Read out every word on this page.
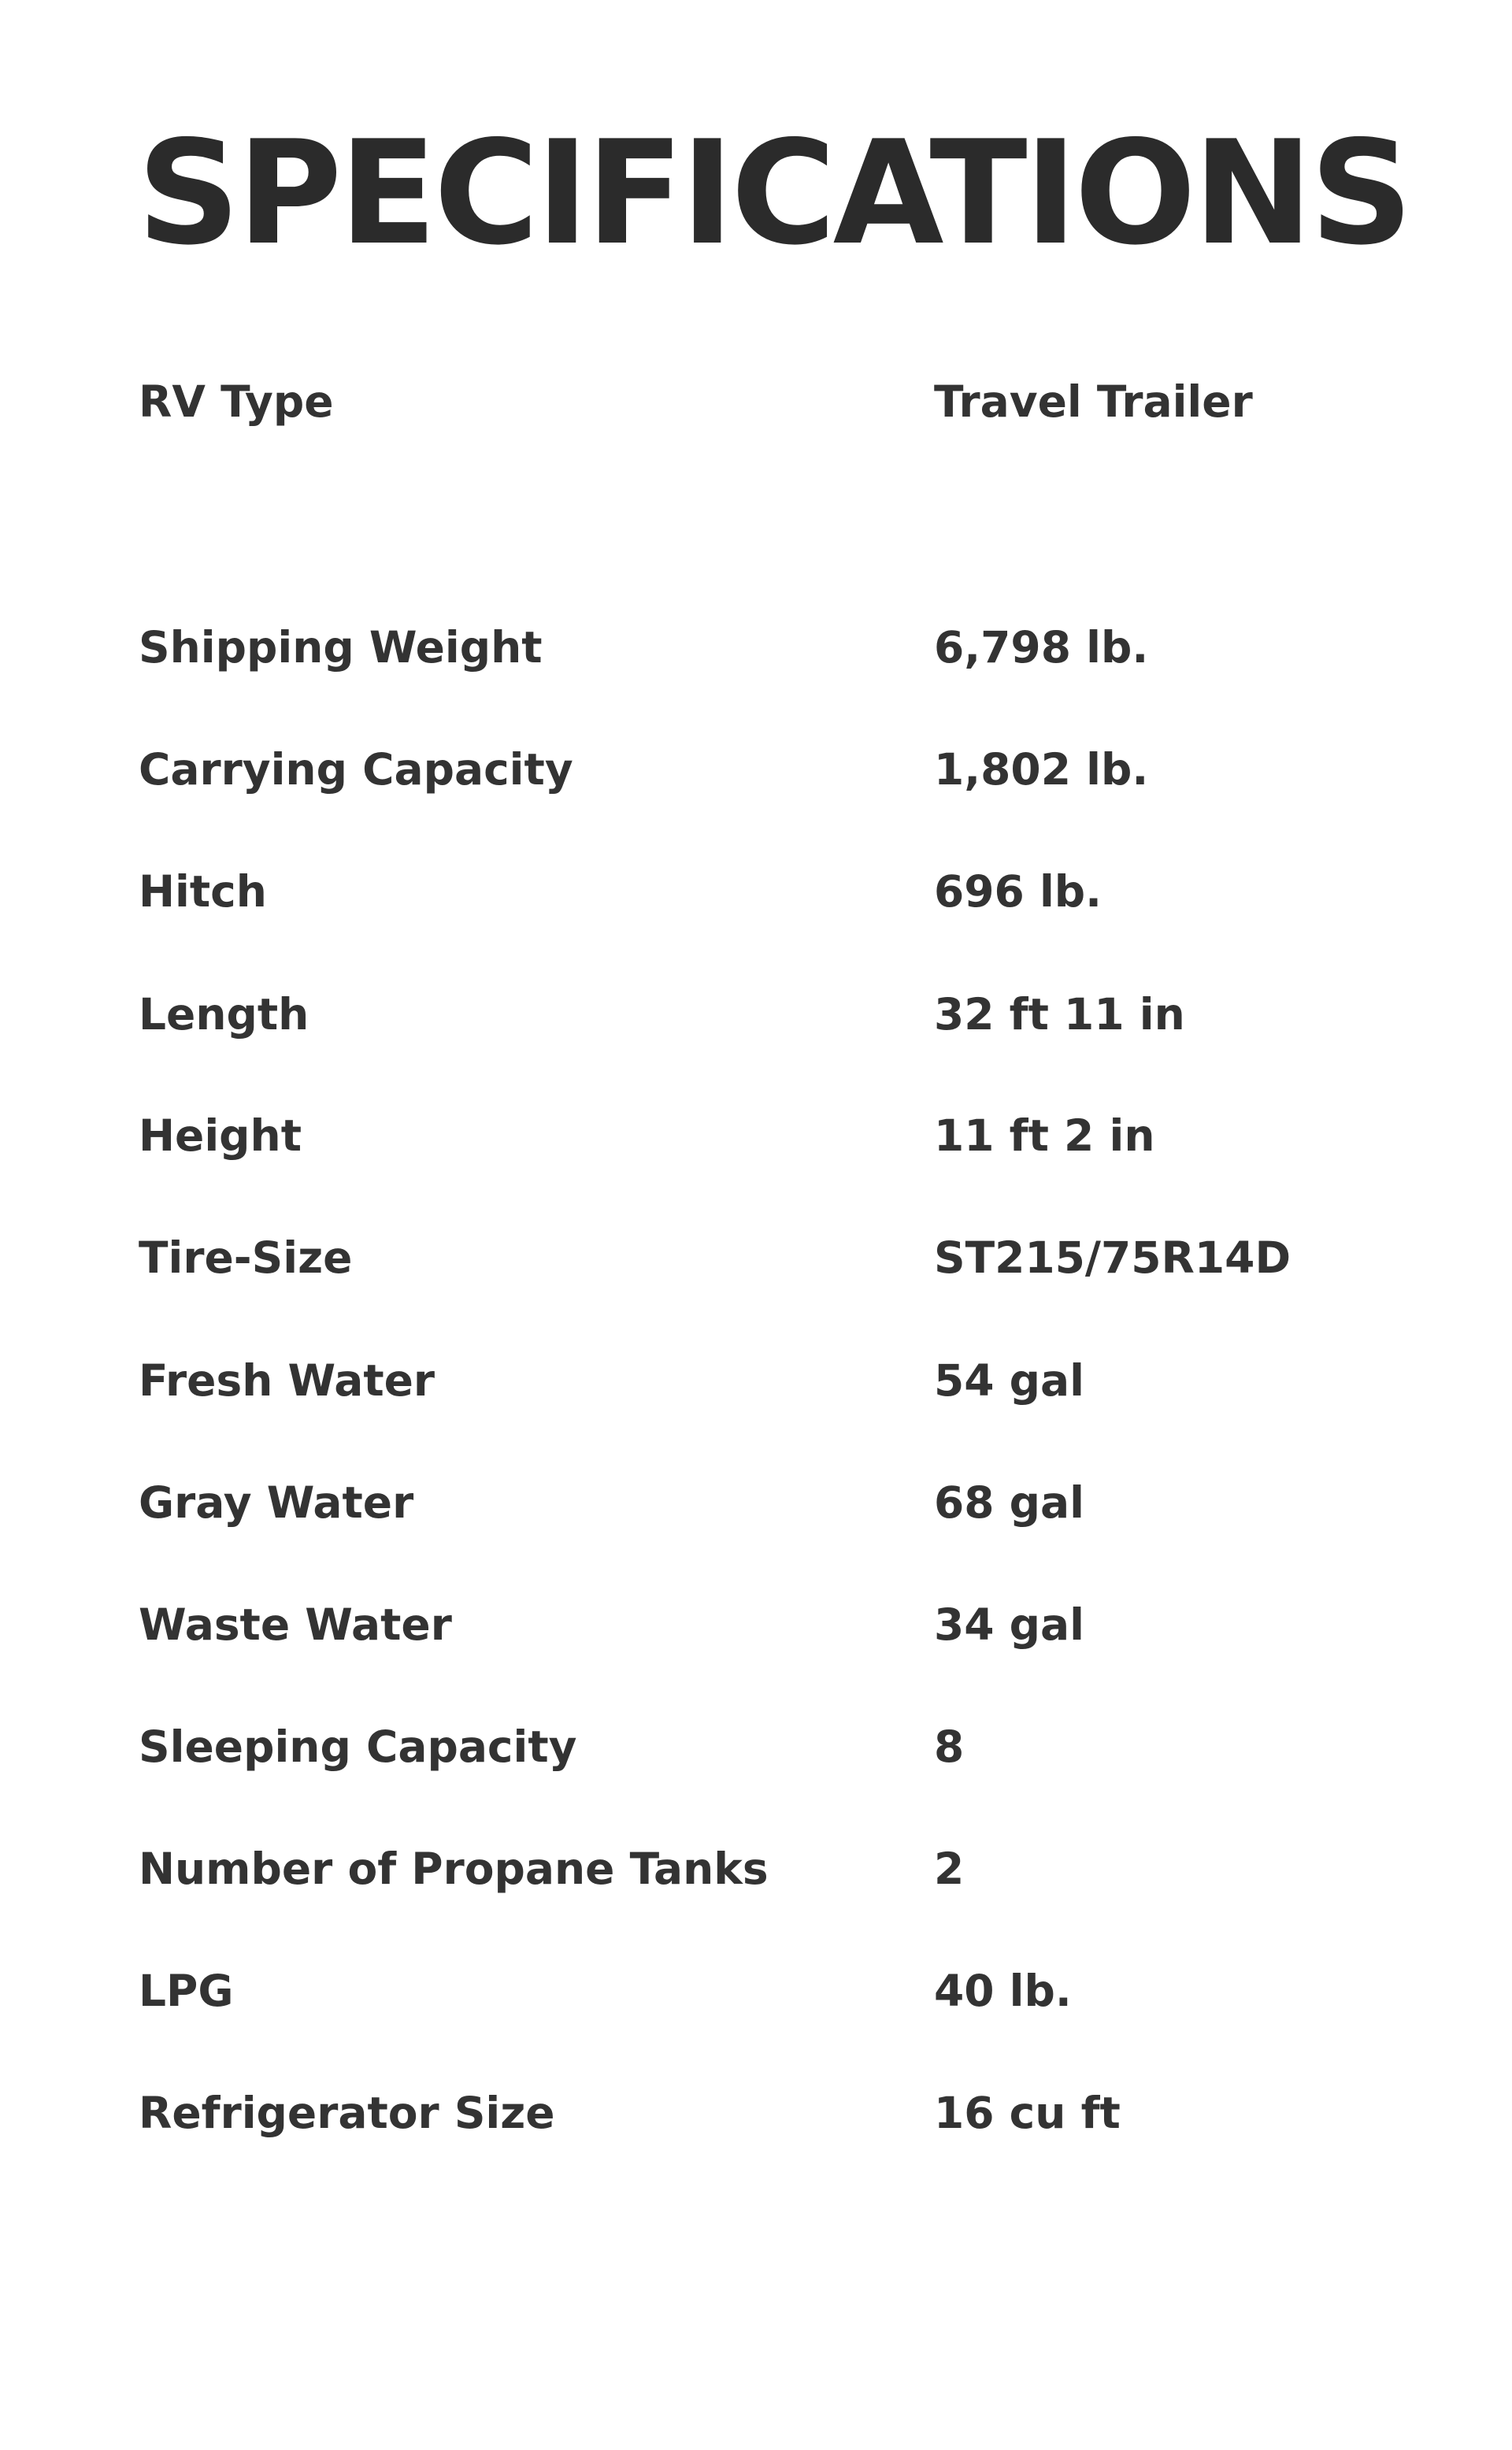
SPECIFICATIONS
RV Type	Travel Trailer
Shipping Weight	6,798 lb.
Carrying Capacity	1,802 lb.
Hitch	696 lb.
Length	32 ft 11 in
Height	11 ft 2 in
Tire-Size	ST215/75R14D
Fresh Water	54 gal
Gray Water	68 gal
Waste Water	34 gal
Sleeping Capacity	8
Number of Propane Tanks	2
LPG	40 lb.
Refrigerator Size	16 cu ft
